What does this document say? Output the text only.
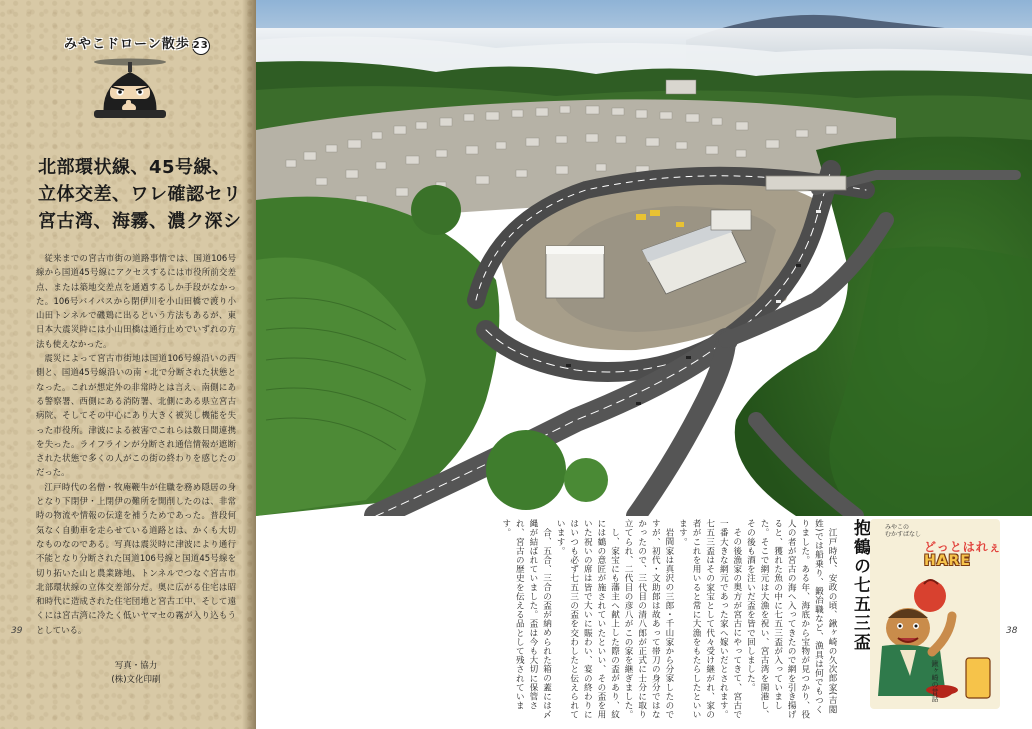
みやこドローン散歩 23
北部環状線、45号線、
立体交差、ワレ確認セリ
宮古湾、海霧、濃ク深シ

従来までの宮古市街の道路事情では、国道106号線から国道45号線にアクセスするには市役所前交差点、または築地交差点を通過するしか手段がなかった。106号バイパスから閉伊川を小山田橋で渡り小山田トンネルで磯鶏に出るという方法もあるが、東日本大震災時には小山田橋は通行止めでいずれの方法も使えなかった。

震災によって宮古市街地は国道106号線沿いの西側と、国道45号線沿いの南・北で分断された状態となった。これが想定外の非常時とは言え、南側にある警察署、西側にある消防署、北側にある県立宮古病院、そしてその中心にあり大きく被災し機能を失った市役所。津波による被害でこれらは数日間連携を失った。ライフラインが分断され通信情報が遮断された状態で多くの人がこの街の終わりを感じたのだった。

江戸時代の名僧・牧庵鞭牛が住職を務め隠居の身となり下閉伊・上閉伊の難所を開削したのは、非常時の物流や情報の伝達を補うためであった。普段何気なく自動車を走らせている道路とは、かくも大切なものなのである。写真は震災時に津波により通行不能となり分断された国道106号線と国道45号線を切り拓いた山と農業跡地、トンネルでつなぐ宮古市北部環状線の立体交差部分だ。奥に広がる住宅は昭和時代に造成された住宅団地と宮古工中、そして遠くには宮古湾に冷たく低いヤマセの霧が入り込もうとしている。

39
写真・協力
(株)文化印刷	江戸時代、安政の頃、鍬ヶ崎の久次郎家(吉閲姓)では船乗り、鍛冶職など、漁具は何でもつくりました。ある年、海底から宝物が見つかり、役人の者が宮古の海へ入ってきたので網を引き揚げると、獲れた魚の中に七五三盃が入っていました。そこで網元は大漁を祝い、宮古湾を開港し、その後も酒を注いだ盃を皆で回しました。

その後漁家の奥方が宮古にやってきて、宮古で一番大きな網元であった家へ嫁いだとされます。七五三盃はその家宝として代々受け継がれ、家の者がこれを用いると常に大漁をもたらしたといいます。

岩間家は真沢の三郎・千山家から分家したのですが、初代・文助郎は故あって帯刀の身分ではなかったので、三代目の清八郎が正式に士分に取り立てられ、二代目の彦八がこの家を継ぎました。

し、家宝にも藩主へ献上した際の盃があり、紋には鶴の意匠が施されていたといい、その盃を用いた祝いの席は皆で大いに賑わい、宴の終わりにはいつも必ず七五三の盃を交わしたと伝えられています。

合、五合、三合の盃が納められた箱の蓋には〆縄が結ばれていました。盃は今も大切に保管され、宮古の歴史を伝える品として残されています。	抱鶴の七五三盃	みやこの
むかすばなし
どっとはれぇ
HARE
鍬ヶ崎の昔話
38
